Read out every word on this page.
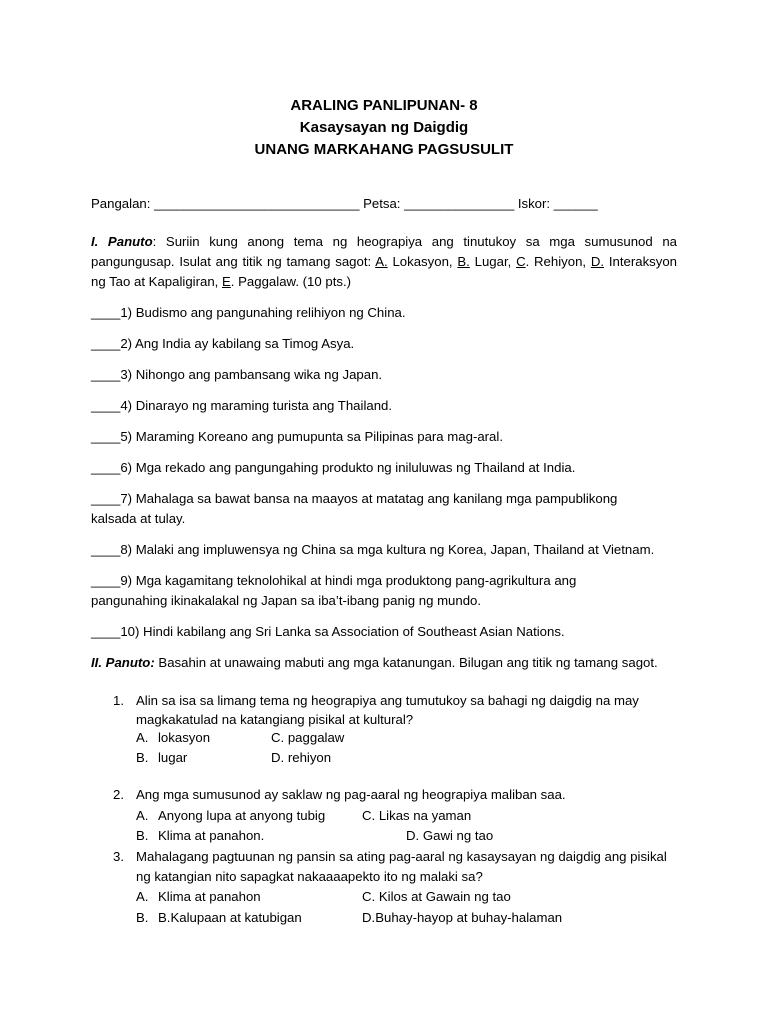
ARALING PANLIPUNAN- 8
Kasaysayan ng Daigdig
UNANG MARKAHANG PAGSUSULIT
Pangalan: ____________________________ Petsa: _______________ Iskor: ______
I. Panuto: Suriin kung anong tema ng heograpiya ang tinutukoy sa mga sumusunod na
pangungusap. Isulat ang titik ng tamang sagot: A. Lokasyon, B. Lugar, C. Rehiyon, D. Interaksyon
ng Tao at Kapaligiran, E. Paggalaw. (10 pts.)
____1) Budismo ang pangunahing relihiyon ng China.
____2) Ang India ay kabilang sa Timog Asya.
____3) Nihongo ang pambansang wika ng Japan.
____4) Dinarayo ng maraming turista ang Thailand.
____5) Maraming Koreano ang pumupunta sa Pilipinas para mag-aral.
____6) Mga rekado ang pangungahing produkto ng iniluluwas ng Thailand at India.
____7) Mahalaga sa bawat bansa na maayos at matatag ang kanilang mga pampublikong
kalsada at tulay.
____8) Malaki ang impluwensya ng China sa mga kultura ng Korea, Japan, Thailand at Vietnam.
____9) Mga kagamitang teknolohikal at hindi mga produktong pang-agrikultura ang
pangunahing ikinakalakal ng Japan sa iba’t-ibang panig ng mundo.
____10) Hindi kabilang ang Sri Lanka sa Association of Southeast Asian Nations.
II. Panuto: Basahin at unawaing mabuti ang mga katanungan. Bilugan ang titik ng tamang sagot.
1. Alin sa isa sa limang tema ng heograpiya ang tumutukoy sa bahagi ng daigdig na may
magkakatulad na katangiang pisikal at kultural?
A. lokasyon	C. paggalaw
B. lugar	D. rehiyon
2. Ang mga sumusunod ay saklaw ng pag-aaral ng heograpiya maliban saa.
A. Anyong lupa at anyong tubig	C. Likas na yaman
B. Klima at panahon.	D. Gawi ng tao
3. Mahalagang pagtuunan ng pansin sa ating pag-aaral ng kasaysayan ng daigdig ang pisikal
ng katangian nito sapagkat nakaaaapekto ito ng malaki sa?
A. Klima at panahon	C. Kilos at Gawain ng tao
B. B.Kalupaan at katubigan	D.Buhay-hayop at buhay-halaman
